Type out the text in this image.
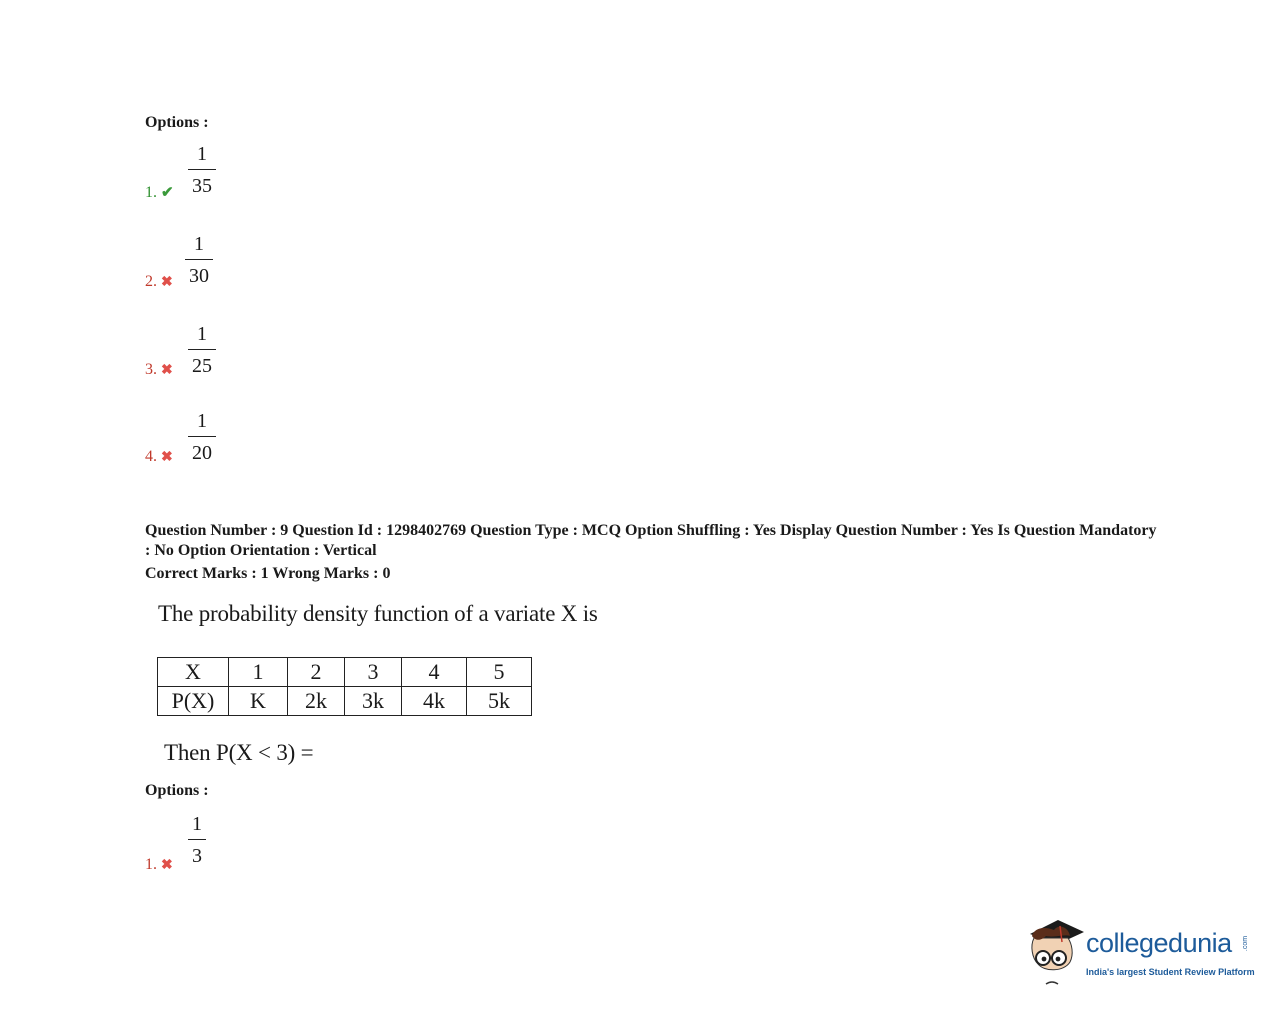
Options :
1. ✔
1
35
2. ✖
1
30
3. ✖
1
25
4. ✖
1
20
Question Number : 9 Question Id : 1298402769 Question Type : MCQ Option Shuffling : Yes Display Question Number : Yes Is Question Mandatory : No Option Orientation : Vertical
Correct Marks : 1 Wrong Marks : 0
The probability density function of a variate X is
X	1	2	3	4	5
P(X)	K	2k	3k	4k	5k
Then P(X < 3) =
Options :
1. ✖
1
3
collegedunia .com
India's largest Student Review Platform
